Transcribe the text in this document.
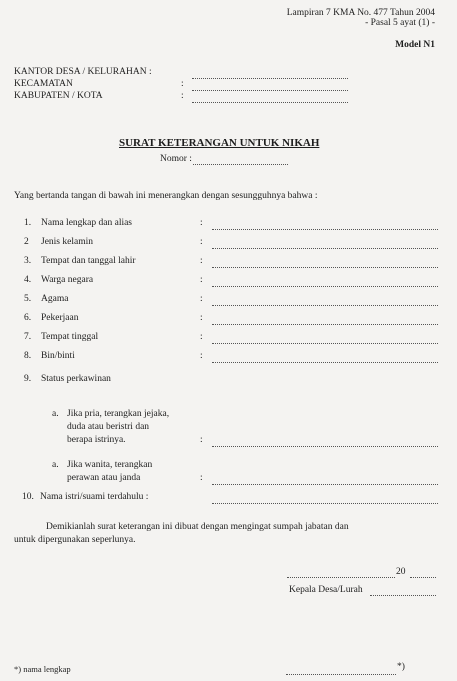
Lampiran 7 KMA No. 477 Tahun 2004
- Pasal 5 ayat (1) -
Model N1
KANTOR DESA / KELURAHAN :
KECAMATAN	:
KABUPATEN / KOTA	:
SURAT KETERANGAN UNTUK NIKAH
Nomor :
Yang bertanda tangan di bawah ini menerangkan dengan sesungguhnya bahwa :
1. Nama lengkap dan alias	:
2 Jenis kelamin	:
3. Tempat dan tanggal lahir	:
4. Warga negara	:
5. Agama	:
6. Pekerjaan	:
7. Tempat tinggal	:
8. Bin/binti	:
9. Status perkawinan
a. Jika pria, terangkan jejaka,
duda atau beristri dan
berapa istrinya.	:
a. Jika wanita, terangkan
perawan atau janda	:
10. Nama istri/suami terdahulu :
Demikianlah surat keterangan ini dibuat dengan mengingat sumpah jabatan dan
untuk dipergunakan seperlunya.
20
Kepala Desa/Lurah
*) nama lengkap	*)
